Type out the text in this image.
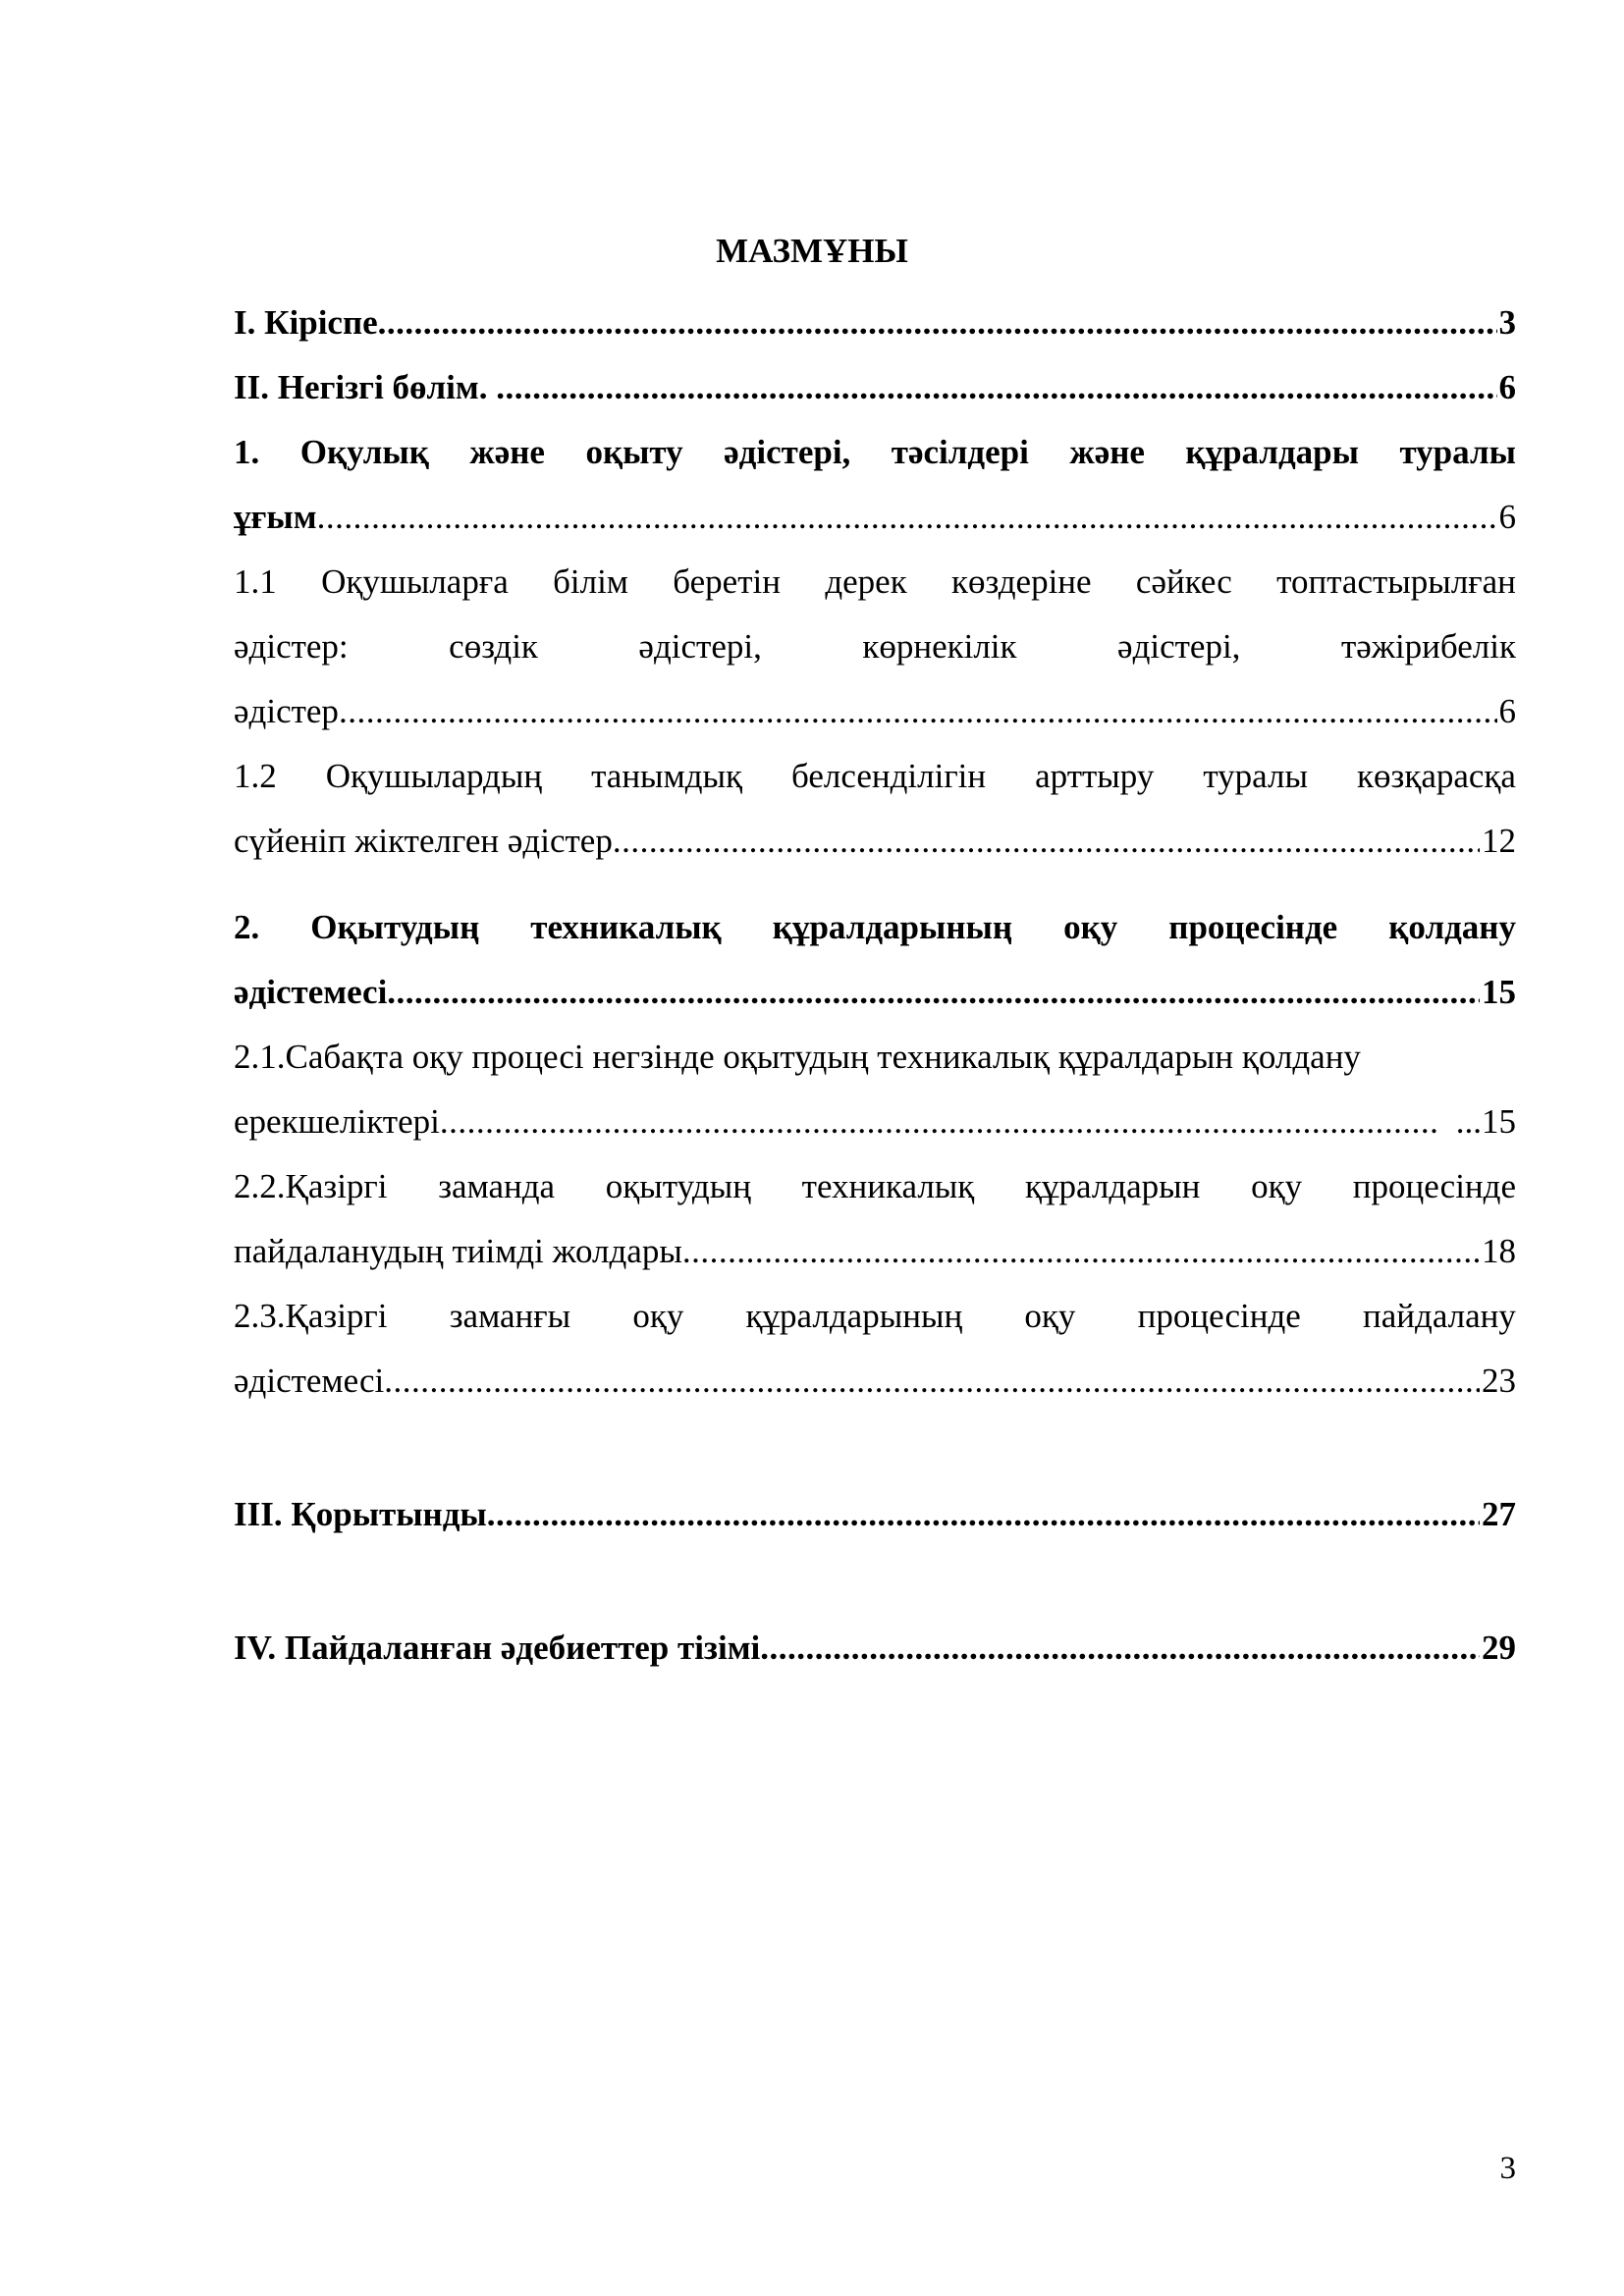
МАЗМҰНЫ
I. Кіріспе .....	3
II. Негізгі бөлім. .....	6
1. Оқулық және оқыту әдістері, тәсілдері және құралдары туралы
ұғым .....	6
1.1 Оқушыларға білім беретін дерек көздеріне сәйкес топтастырылған
әдістер:	сөздік	әдістері,	көрнекілік	әдістері,	тәжірибелік
әдістер .....	6
1.2 Оқушылардың танымдық белсенділігін арттыру туралы көзқарасқа
сүйеніп жіктелген әдістер .....	12
2. Оқытудың техникалық құралдарының оқу процесінде қолдану
әдістемесі .....	15
2.1.Сабақта оқу процесі негзінде оқытудың техникалық құралдарын қолдану
ерекшеліктері .....	...15
2.2.Қазіргі заманда оқытудың техникалық құралдарын оқу процесінде
пайдаланудың тиімді жолдары .....	18
2.3.Қазіргі заманғы оқу құралдарының оқу процесінде пайдалану
әдістемесі .....	23
III. Қорытынды .....	27
IV. Пайдаланған әдебиеттер тізімі .....	29
3
